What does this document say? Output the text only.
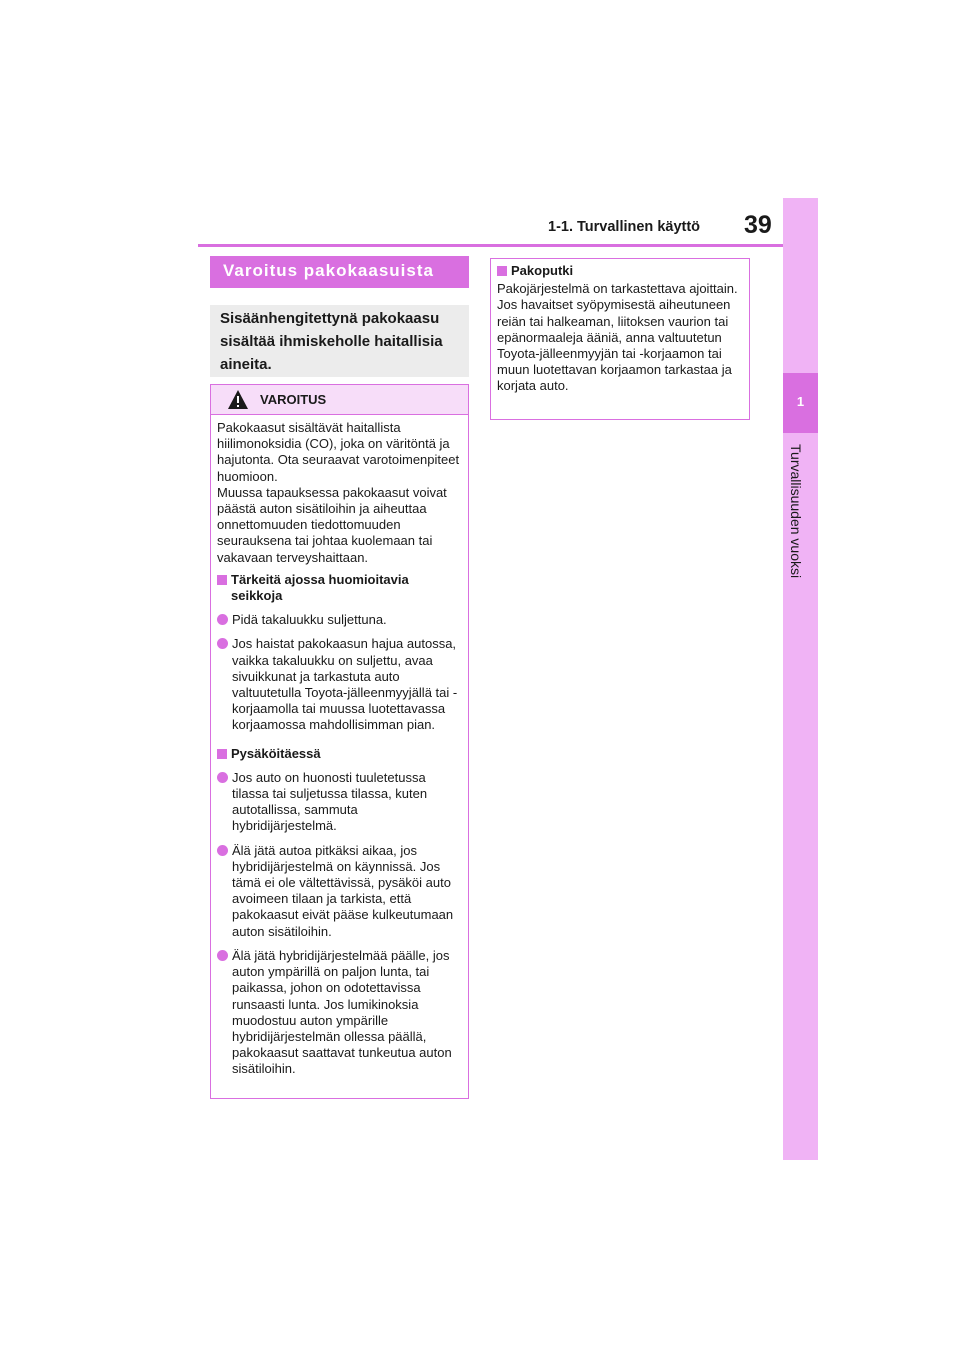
1-1. Turvallinen käyttö 39
1
Turvallisuuden vuoksi
Varoitus pakokaasuista
Sisäänhengitettynä pakokaasu sisältää ihmiskeholle haitallisia aineita.
VAROITUS

Pakokaasut sisältävät haitallista hiilimonoksidia (CO), joka on väritöntä ja hajutonta. Ota seuraavat varotoimenpiteet huomioon.

Muussa tapauksessa pakokaasut voivat päästä auton sisätiloihin ja aiheuttaa onnettomuuden tiedottomuuden seurauksena tai johtaa kuolemaan tai vakavaan terveyshaittaan.

Tärkeitä ajossa huomioitavia seikkoja
Pidä takaluukku suljettuna.
Jos haistat pakokaasun hajua autossa, vaikka takaluukku on suljettu, avaa sivuikkunat ja tarkastuta auto valtuutetulla Toyota-jälleenmyyjällä tai -korjaamolla tai muussa luotettavassa korjaamossa mahdollisimman pian.
Pysäköitäessä
Jos auto on huonosti tuuletetussa tilassa tai suljetussa tilassa, kuten autotallissa, sammuta hybridijärjestelmä.
Älä jätä autoa pitkäksi aikaa, jos hybridijärjestelmä on käynnissä. Jos tämä ei ole vältettävissä, pysäköi auto avoimeen tilaan ja tarkista, että pakokaasut eivät pääse kulkeutumaan auton sisätiloihin.
Älä jätä hybridijärjestelmää päälle, jos auton ympärillä on paljon lunta, tai paikassa, johon on odotettavissa runsaasti lunta. Jos lumikinoksia muodostuu auton ympärille hybridijärjestelmän ollessa päällä, pakokaasut saattavat tunkeutua auton sisätiloihin.
Pakoputki

Pakojärjestelmä on tarkastettava ajoittain. Jos havaitset syöpymisestä aiheutuneen reiän tai halkeaman, liitoksen vaurion tai epänormaaleja ääniä, anna valtuutetun Toyota-jälleenmyyjän tai -korjaamon tai muun luotettavan korjaamon tarkastaa ja korjata auto.
